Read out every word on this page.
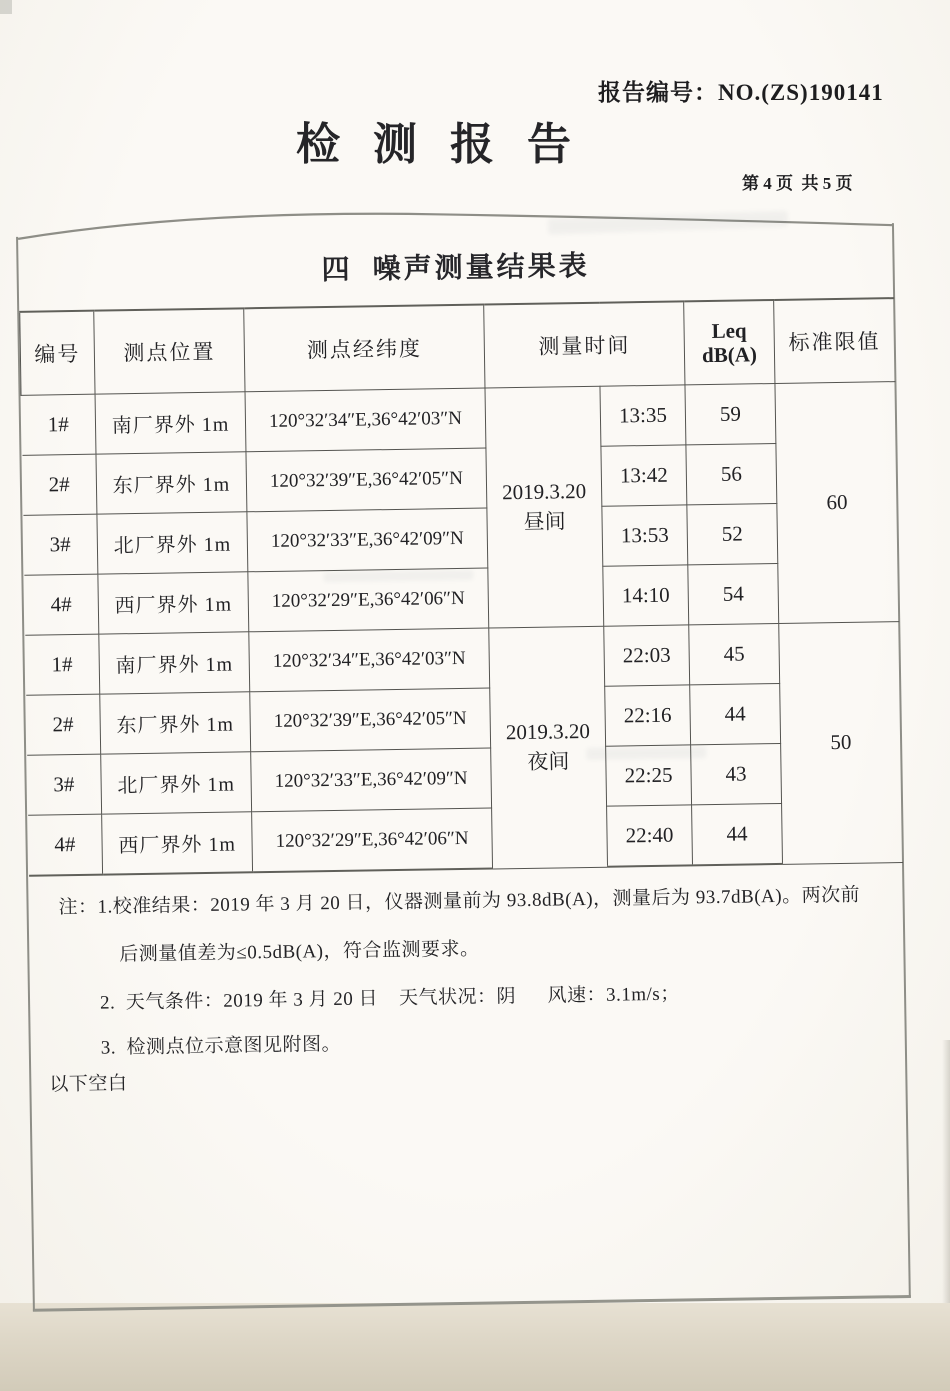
报告编号：NO.(ZS)190141
检测报告
第 4 页  共 5 页
四  噪声测量结果表
编号	测点位置	测点经纬度	测量时间		Leq
dB(A)	标准限值
1#	南厂界外 1m	120°32′34″E,36°42′03″N	2019.3.20
昼间	13:35	59	60
2#	东厂界外 1m	120°32′39″E,36°42′05″N		13:42	56	
3#	北厂界外 1m	120°32′33″E,36°42′09″N		13:53	52	
4#	西厂界外 1m	120°32′29″E,36°42′06″N		14:10	54	
1#	南厂界外 1m	120°32′34″E,36°42′03″N	2019.3.20
夜间	22:03	45	50
2#	东厂界外 1m	120°32′39″E,36°42′05″N		22:16	44	
3#	北厂界外 1m	120°32′33″E,36°42′09″N		22:25	43	
4#	西厂界外 1m	120°32′29″E,36°42′06″N		22:40	44	
注：1.校准结果：2019 年 3 月 20 日，仪器测量前为 93.8dB(A)，测量后为 93.7dB(A)。两次前
后测量值差为≤0.5dB(A)，符合监测要求。
2.  天气条件：2019 年 3 月 20 日    天气状况：阴      风速：3.1m/s；
3.  检测点位示意图见附图。
以下空白
